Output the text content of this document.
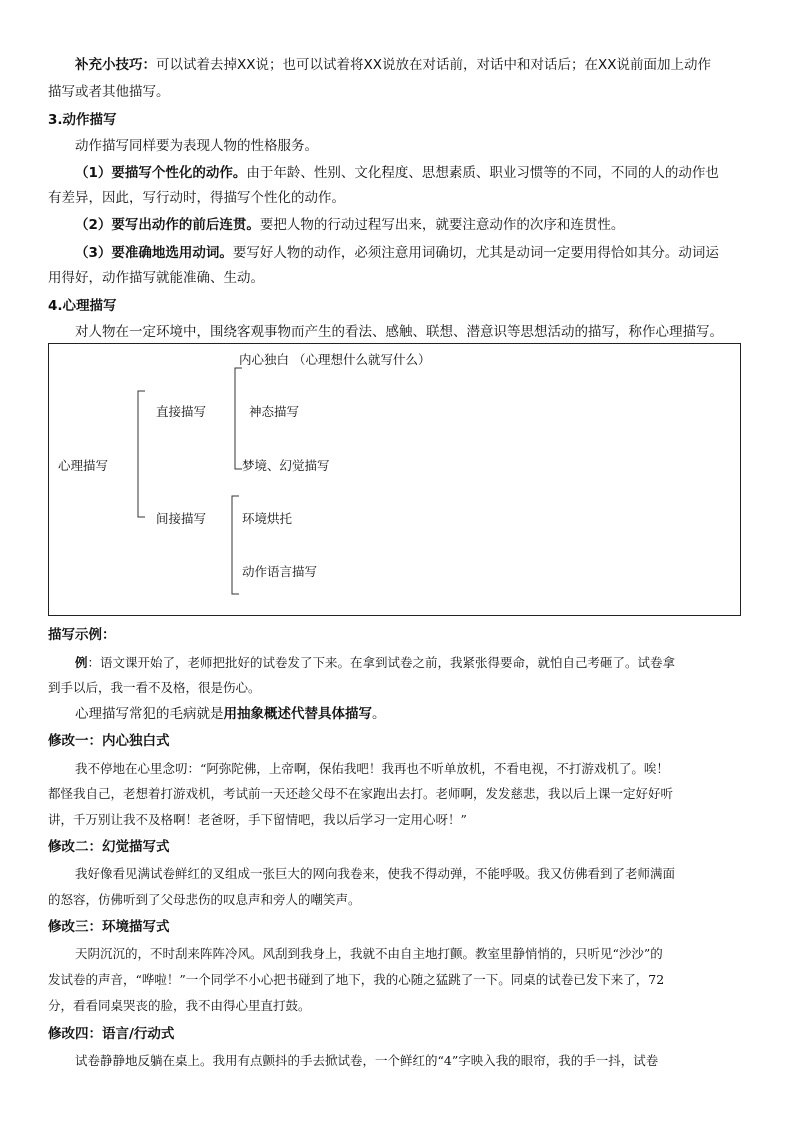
补充小技巧：可以试着去掉XX说；也可以试着将XX说放在对话前，对话中和对话后；在XX说前面加上动作
描写或者其他描写。
3.动作描写
动作描写同样要为表现人物的性格服务。
（1）要描写个性化的动作。由于年龄、性别、文化程度、思想素质、职业习惯等的不同，不同的人的动作也
有差异，因此，写行动时，得描写个性化的动作。
（2）要写出动作的前后连贯。要把人物的行动过程写出来，就要注意动作的次序和连贯性。
（3）要准确地选用动词。要写好人物的动作，必须注意用词确切，尤其是动词一定要用得恰如其分。动词运
用得好，动作描写就能准确、生动。
4.心理描写
对人物在一定环境中，围绕客观事物而产生的看法、感触、联想、潜意识等思想活动的描写，称作心理描写。
心理描写
直接描写
间接描写
内心独白 （心理想什么就写什么）
神态描写
梦境、幻觉描写
环境烘托
动作语言描写
描写示例：
例：语文课开始了，老师把批好的试卷发了下来。在拿到试卷之前，我紧张得要命，就怕自己考砸了。试卷拿
到手以后，我一看不及格，很是伤心。
心理描写常犯的毛病就是用抽象概述代替具体描写。
修改一：内心独白式
我不停地在心里念叨：“阿弥陀佛，上帝啊，保佑我吧！我再也不听单放机，不看电视，不打游戏机了。唉！
都怪我自己，老想着打游戏机，考试前一天还趁父母不在家跑出去打。老师啊，发发慈悲，我以后上课一定好好听
讲，千万别让我不及格啊！老爸呀，手下留情吧，我以后学习一定用心呀！”
修改二：幻觉描写式
我好像看见满试卷鲜红的叉组成一张巨大的网向我卷来，使我不得动弹，不能呼吸。我又仿佛看到了老师满面
的怒容，仿佛听到了父母悲伤的叹息声和旁人的嘲笑声。
修改三：环境描写式
天阴沉沉的，不时刮来阵阵冷风。风刮到我身上，我就不由自主地打颤。教室里静悄悄的，只听见“沙沙”的
发试卷的声音，“哗啦！”一个同学不小心把书碰到了地下，我的心随之猛跳了一下。同桌的试卷已发下来了，72
分，看看同桌哭丧的脸，我不由得心里直打鼓。
修改四：语言/行动式
试卷静静地反躺在桌上。我用有点颤抖的手去掀试卷，一个鲜红的“4”字映入我的眼帘，我的手一抖，试卷
